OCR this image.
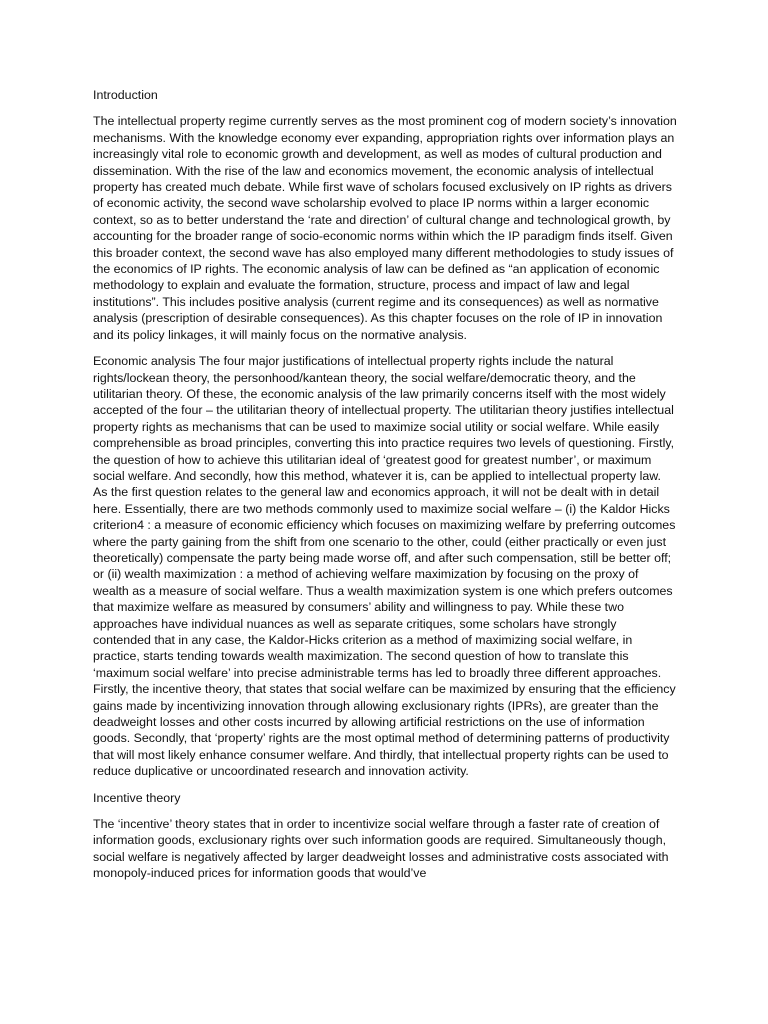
Introduction

The intellectual property regime currently serves as the most prominent cog of modern society’s innovation mechanisms. With the knowledge economy ever expanding, appropriation rights over information plays an increasingly vital role to economic growth and development, as well as modes of cultural production and dissemination. With the rise of the law and economics movement, the economic analysis of intellectual property has created much debate. While first wave of scholars focused exclusively on IP rights as drivers of economic activity, the second wave scholarship evolved to place IP norms within a larger economic context, so as to better understand the ‘rate and direction’ of cultural change and technological growth, by accounting for the broader range of socio-economic norms within which the IP paradigm finds itself. Given this broader context, the second wave has also employed many different methodologies to study issues of the economics of IP rights. The economic analysis of law can be defined as “an application of economic methodology to explain and evaluate the formation, structure, process and impact of law and legal institutions”. This includes positive analysis (current regime and its consequences) as well as normative analysis (prescription of desirable consequences). As this chapter focuses on the role of IP in innovation and its policy linkages, it will mainly focus on the normative analysis.

Economic analysis The four major justifications of intellectual property rights include the natural rights/lockean theory, the personhood/kantean theory, the social welfare/democratic theory, and the utilitarian theory. Of these, the economic analysis of the law primarily concerns itself with the most widely accepted of the four – the utilitarian theory of intellectual property. The utilitarian theory justifies intellectual property rights as mechanisms that can be used to maximize social utility or social welfare. While easily comprehensible as broad principles, converting this into practice requires two levels of questioning. Firstly, the question of how to achieve this utilitarian ideal of ‘greatest good for greatest number’, or maximum social welfare. And secondly, how this method, whatever it is, can be applied to intellectual property law. As the first question relates to the general law and economics approach, it will not be dealt with in detail here. Essentially, there are two methods commonly used to maximize social welfare – (i) the Kaldor Hicks criterion4 : a measure of economic efficiency which focuses on maximizing welfare by preferring outcomes where the party gaining from the shift from one scenario to the other, could (either practically or even just theoretically) compensate the party being made worse off, and after such compensation, still be better off; or (ii) wealth maximization : a method of achieving welfare maximization by focusing on the proxy of wealth as a measure of social welfare. Thus a wealth maximization system is one which prefers outcomes that maximize welfare as measured by consumers’ ability and willingness to pay. While these two approaches have individual nuances as well as separate critiques, some scholars have strongly contended that in any case, the Kaldor-Hicks criterion as a method of maximizing social welfare, in practice, starts tending towards wealth maximization. The second question of how to translate this ‘maximum social welfare’ into precise administrable terms has led to broadly three different approaches. Firstly, the incentive theory, that states that social welfare can be maximized by ensuring that the efficiency gains made by incentivizing innovation through allowing exclusionary rights (IPRs), are greater than the deadweight losses and other costs incurred by allowing artificial restrictions on the use of information goods. Secondly, that ‘property’ rights are the most optimal method of determining patterns of productivity that will most likely enhance consumer welfare. And thirdly, that intellectual property rights can be used to reduce duplicative or uncoordinated research and innovation activity.

Incentive theory

The ‘incentive’ theory states that in order to incentivize social welfare through a faster rate of creation of information goods, exclusionary rights over such information goods are required. Simultaneously though, social welfare is negatively affected by larger deadweight losses and administrative costs associated with monopoly-induced prices for information goods that would’ve
